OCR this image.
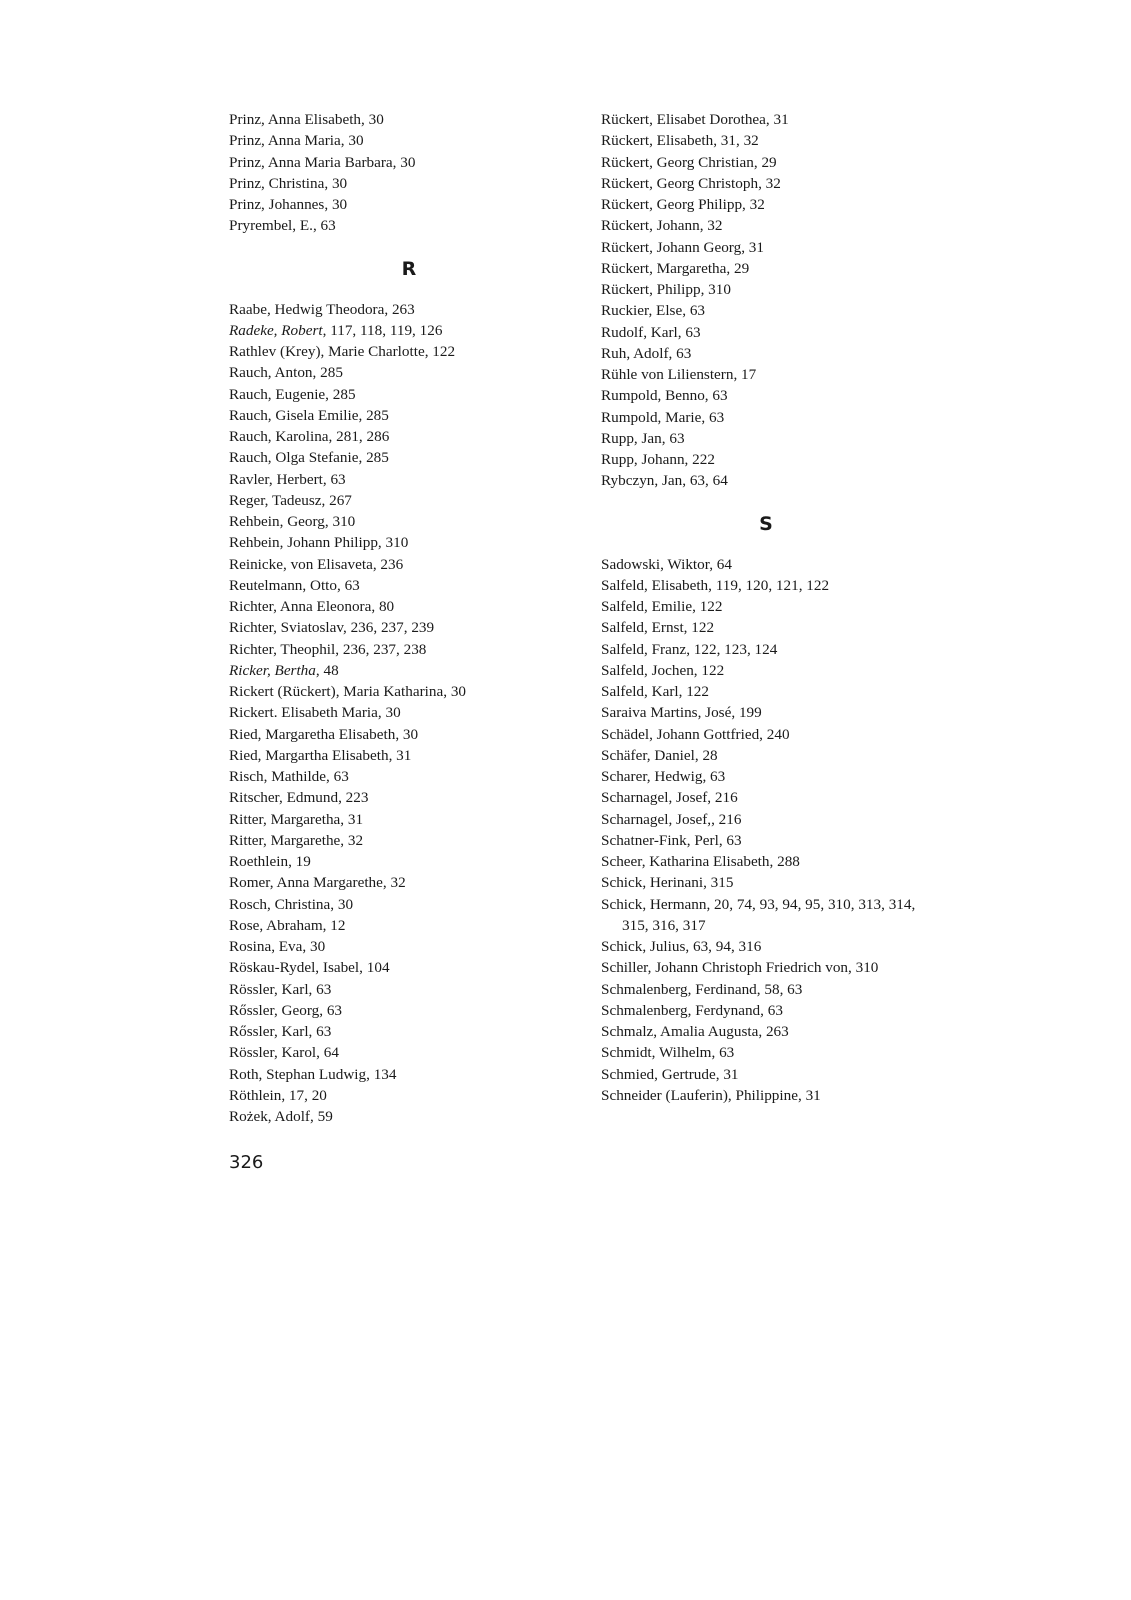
Prinz, Anna Elisabeth, 30
Prinz, Anna Maria, 30
Prinz, Anna Maria Barbara, 30
Prinz, Christina, 30
Prinz, Johannes, 30
Pryrembel, E., 63
R
Raabe, Hedwig Theodora, 263
Radeke, Robert, 117, 118, 119, 126
Rathlev (Krey), Marie Charlotte, 122
Rauch, Anton, 285
Rauch, Eugenie, 285
Rauch, Gisela Emilie, 285
Rauch, Karolina, 281, 286
Rauch, Olga Stefanie, 285
Ravler, Herbert, 63
Reger, Tadeusz, 267
Rehbein, Georg, 310
Rehbein, Johann Philipp, 310
Reinicke, von Elisaveta, 236
Reutelmann, Otto, 63
Richter, Anna Eleonora, 80
Richter, Sviatoslav, 236, 237, 239
Richter, Theophil, 236, 237, 238
Ricker, Bertha, 48
Rickert (Rückert), Maria Katharina, 30
Rickert. Elisabeth Maria, 30
Ried, Margaretha Elisabeth, 30
Ried, Margartha Elisabeth, 31
Risch, Mathilde, 63
Ritscher, Edmund, 223
Ritter, Margaretha, 31
Ritter, Margarethe, 32
Roethlein, 19
Romer, Anna Margarethe, 32
Rosch, Christina, 30
Rose, Abraham, 12
Rosina, Eva, 30
Röskau-Rydel, Isabel, 104
Rössler, Karl, 63
Rőssler, Georg, 63
Rőssler, Karl, 63
Rössler, Karol, 64
Roth, Stephan Ludwig, 134
Röthlein, 17, 20
Rożek, Adolf, 59
Rückert, Elisabet Dorothea, 31
Rückert, Elisabeth, 31, 32
Rückert, Georg Christian, 29
Rückert, Georg Christoph, 32
Rückert, Georg Philipp, 32
Rückert, Johann, 32
Rückert, Johann Georg, 31
Rückert, Margaretha, 29
Rückert, Philipp, 310
Ruckier, Else, 63
Rudolf, Karl, 63
Ruh, Adolf, 63
Rühle von Lilienstern, 17
Rumpold, Benno, 63
Rumpold, Marie, 63
Rupp, Jan, 63
Rupp, Johann, 222
Rybczyn, Jan, 63, 64
S
Sadowski, Wiktor, 64
Salfeld, Elisabeth, 119, 120, 121, 122
Salfeld, Emilie, 122
Salfeld, Ernst, 122
Salfeld, Franz, 122, 123, 124
Salfeld, Jochen, 122
Salfeld, Karl, 122
Saraiva Martins, José, 199
Schädel, Johann Gottfried, 240
Schäfer, Daniel, 28
Scharer, Hedwig, 63
Scharnagel, Josef, 216
Scharnagel, Josef,, 216
Schatner-Fink, Perl, 63
Scheer, Katharina Elisabeth, 288
Schick, Herinani, 315
Schick, Hermann, 20, 74, 93, 94, 95, 310, 313, 314, 315, 316, 317
Schick, Julius, 63, 94, 316
Schiller, Johann Christoph Friedrich von, 310
Schmalenberg, Ferdinand, 58, 63
Schmalenberg, Ferdynand, 63
Schmalz, Amalia Augusta, 263
Schmidt, Wilhelm, 63
Schmied, Gertrude, 31
Schneider (Lauferin), Philippine, 31
326
